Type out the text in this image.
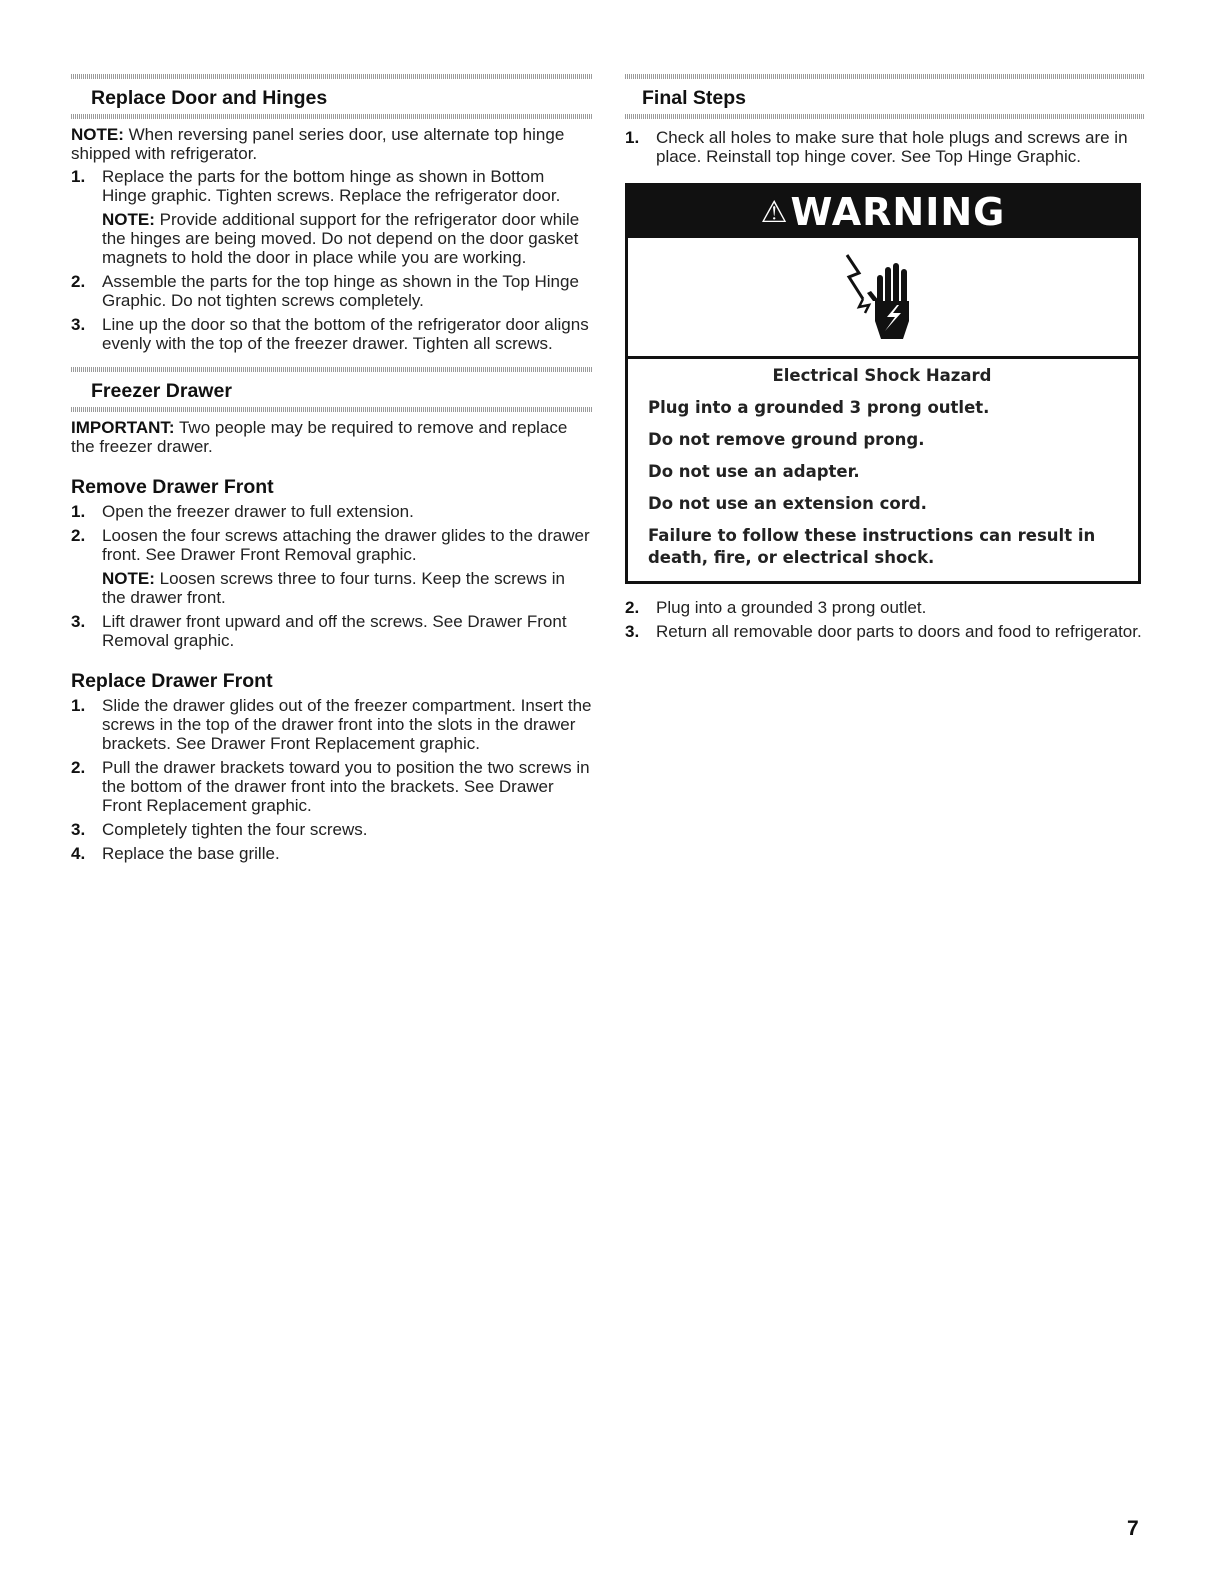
Replace Door and Hinges

NOTE: When reversing panel series door, use alternate top hinge shipped with refrigerator.

1. Replace the parts for the bottom hinge as shown in Bottom Hinge graphic. Tighten screws. Replace the refrigerator door.

NOTE: Provide additional support for the refrigerator door while the hinges are being moved. Do not depend on the door gasket magnets to hold the door in place while you are working.

2. Assemble the parts for the top hinge as shown in the Top Hinge Graphic. Do not tighten screws completely.

3. Line up the door so that the bottom of the refrigerator door aligns evenly with the top of the freezer drawer. Tighten all screws.

Freezer Drawer

IMPORTANT: Two people may be required to remove and replace the freezer drawer.

Remove Drawer Front
1. Open the freezer drawer to full extension.

2. Loosen the four screws attaching the drawer glides to the drawer front. See Drawer Front Removal graphic.

NOTE: Loosen screws three to four turns. Keep the screws in the drawer front.

3. Lift drawer front upward and off the screws. See Drawer Front Removal graphic.

Replace Drawer Front
1. Slide the drawer glides out of the freezer compartment. Insert the screws in the top of the drawer front into the slots in the drawer brackets. See Drawer Front Replacement graphic.

2. Pull the drawer brackets toward you to position the two screws in the bottom of the drawer front into the brackets. See Drawer Front Replacement graphic.

3. Completely tighten the four screws.

4. Replace the base grille.

Final Steps
1. Check all holes to make sure that hole plugs and screws are in place. Reinstall top hinge cover. See Top Hinge Graphic.

⚠ WARNING
Electrical Shock Hazard
Plug into a grounded 3 prong outlet.
Do not remove ground prong.
Do not use an adapter.
Do not use an extension cord.
Failure to follow these instructions can result in death, fire, or electrical shock.
2. Plug into a grounded 3 prong outlet.

3. Return all removable door parts to doors and food to refrigerator.

7
